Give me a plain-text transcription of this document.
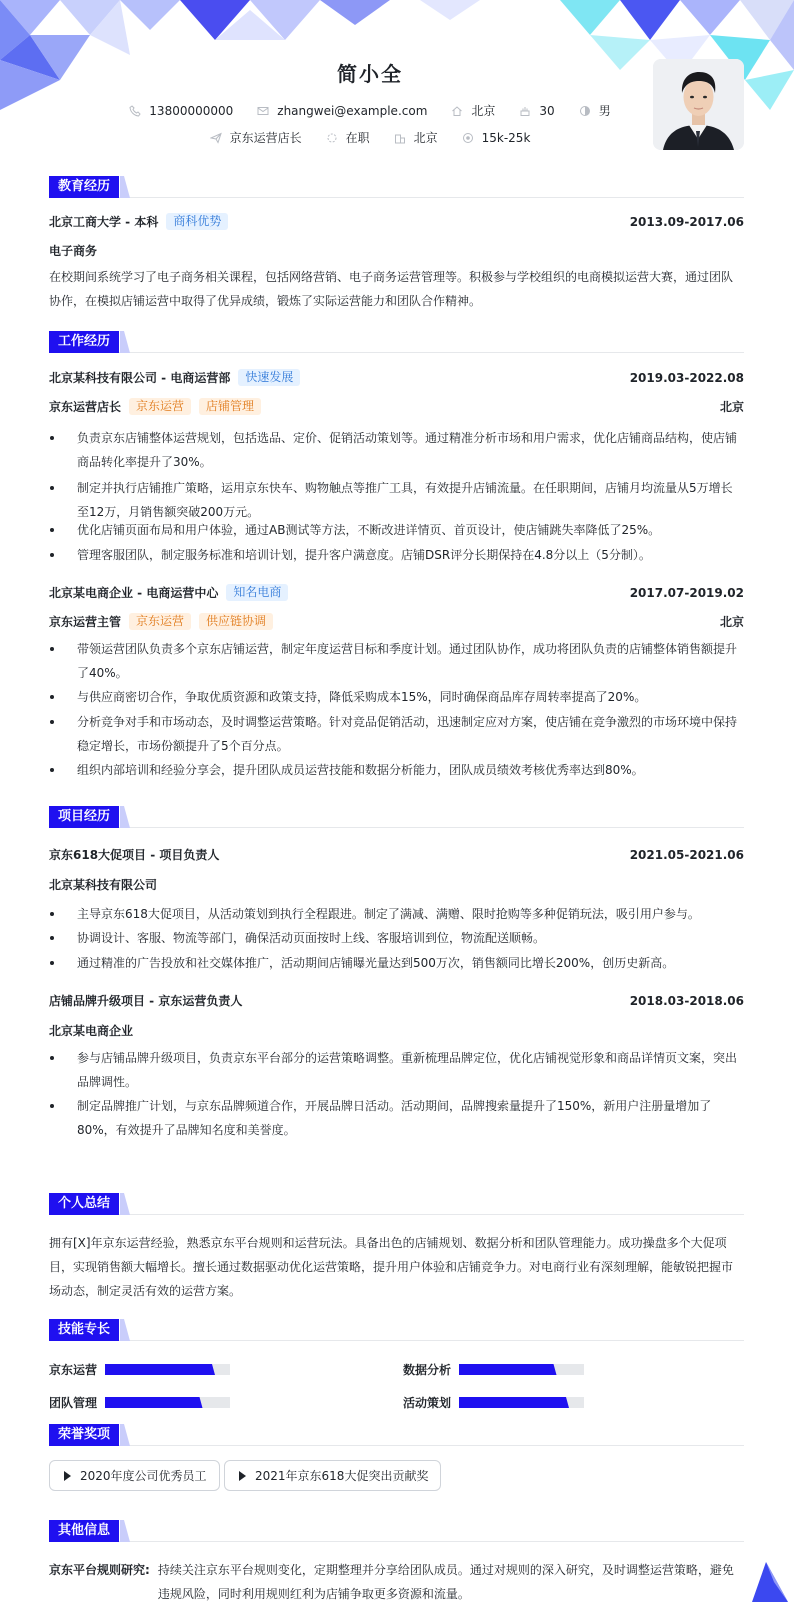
简小全
13800000000	zhangwei@example.com	北京	30	男
京东运营店长	在职	北京	15k-25k
教育经历
北京工商大学 - 本科	商科优势	2013.09-2017.06
电子商务
在校期间系统学习了电子商务相关课程，包括网络营销、电子商务运营管理等。积极参与学校组织的电商模拟运营大赛，通过团队协作，在模拟店铺运营中取得了优异成绩，锻炼了实际运营能力和团队合作精神。
工作经历
北京某科技有限公司 - 电商运营部	快速发展	2019.03-2022.08
京东运营店长	京东运营	店铺管理	北京
负责京东店铺整体运营规划，包括选品、定价、促销活动策划等。通过精准分析市场和用户需求，优化店铺商品结构，使店铺商品转化率提升了30%。
制定并执行店铺推广策略，运用京东快车、购物触点等推广工具，有效提升店铺流量。在任职期间，店铺月均流量从5万增长至12万，月销售额突破200万元。
优化店铺页面布局和用户体验，通过AB测试等方法，不断改进详情页、首页设计，使店铺跳失率降低了25%。
管理客服团队，制定服务标准和培训计划，提升客户满意度。店铺DSR评分长期保持在4.8分以上（5分制）。
北京某电商企业 - 电商运营中心	知名电商	2017.07-2019.02
京东运营主管	京东运营	供应链协调	北京
带领运营团队负责多个京东店铺运营，制定年度运营目标和季度计划。通过团队协作，成功将团队负责的店铺整体销售额提升了40%。
与供应商密切合作，争取优质资源和政策支持，降低采购成本15%，同时确保商品库存周转率提高了20%。
分析竞争对手和市场动态，及时调整运营策略。针对竞品促销活动，迅速制定应对方案，使店铺在竞争激烈的市场环境中保持稳定增长，市场份额提升了5个百分点。
组织内部培训和经验分享会，提升团队成员运营技能和数据分析能力，团队成员绩效考核优秀率达到80%。
项目经历
京东618大促项目 - 项目负责人	2021.05-2021.06
北京某科技有限公司
主导京东618大促项目，从活动策划到执行全程跟进。制定了满减、满赠、限时抢购等多种促销玩法，吸引用户参与。
协调设计、客服、物流等部门，确保活动页面按时上线、客服培训到位，物流配送顺畅。
通过精准的广告投放和社交媒体推广，活动期间店铺曝光量达到500万次，销售额同比增长200%，创历史新高。
店铺品牌升级项目 - 京东运营负责人	2018.03-2018.06
北京某电商企业
参与店铺品牌升级项目，负责京东平台部分的运营策略调整。重新梳理品牌定位，优化店铺视觉形象和商品详情页文案，突出品牌调性。
制定品牌推广计划，与京东品牌频道合作，开展品牌日活动。活动期间，品牌搜索量提升了150%，新用户注册量增加了80%，有效提升了品牌知名度和美誉度。
个人总结
拥有[X]年京东运营经验，熟悉京东平台规则和运营玩法。具备出色的店铺规划、数据分析和团队管理能力。成功操盘多个大促项目，实现销售额大幅增长。擅长通过数据驱动优化运营策略，提升用户体验和店铺竞争力。对电商行业有深刻理解，能敏锐把握市场动态，制定灵活有效的运营方案。
技能专长
京东运营	数据分析
团队管理	活动策划
荣誉奖项
2020年度公司优秀员工	2021年京东618大促突出贡献奖
其他信息
京东平台规则研究: 持续关注京东平台规则变化，定期整理并分享给团队成员。通过对规则的深入研究，及时调整运营策略，避免违规风险，同时利用规则红利为店铺争取更多资源和流量。
